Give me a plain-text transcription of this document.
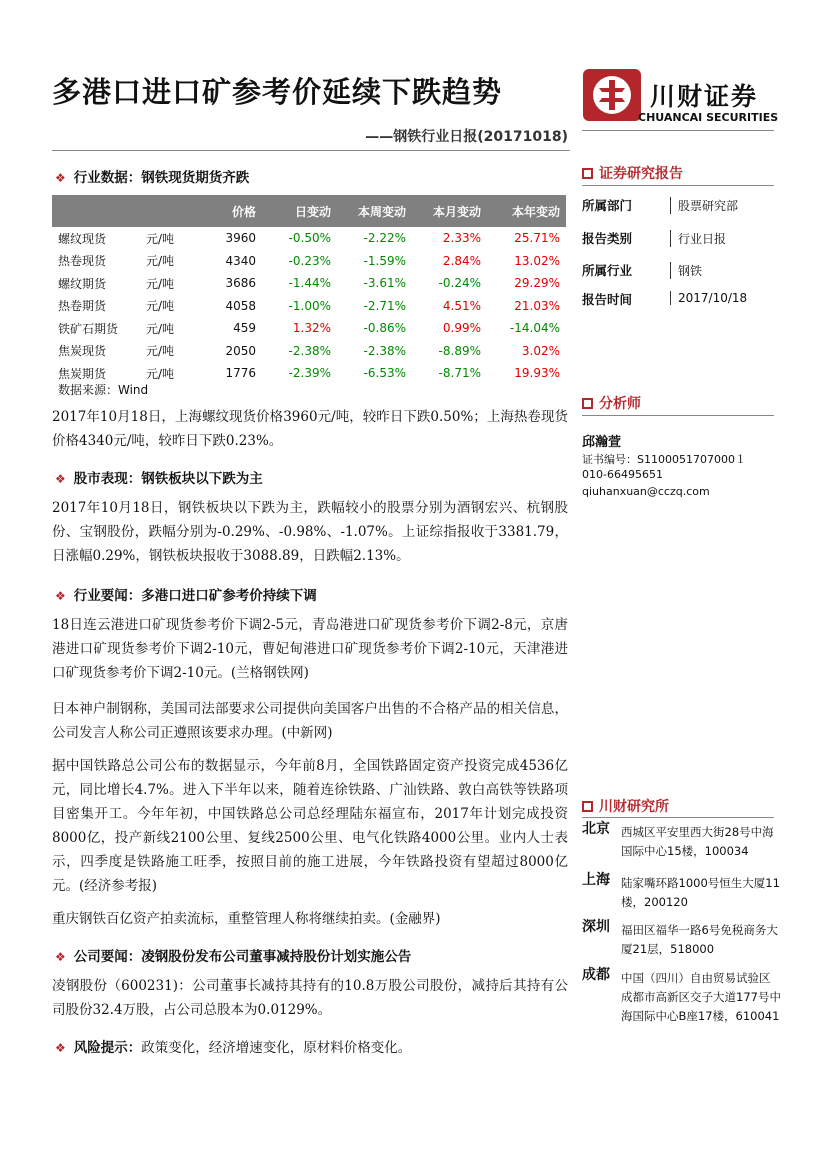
多港口进口矿参考价延续下跌趋势	川财证券
CHUANCAI SECURITIES
——钢铁行业日报(20171018)
❖ 行业数据：钢铁现货期货齐跌
		价格	日变动	本周变动	本月变动	本年变动
螺纹现货	元/吨	3960	-0.50%	-2.22%	2.33%	25.71%
热卷现货	元/吨	4340	-0.23%	-1.59%	2.84%	13.02%
螺纹期货	元/吨	3686	-1.44%	-3.61%	-0.24%	29.29%
热卷期货	元/吨	4058	-1.00%	-2.71%	4.51%	21.03%
铁矿石期货	元/吨	459	1.32%	-0.86%	0.99%	-14.04%
焦炭现货	元/吨	2050	-2.38%	-2.38%	-8.89%	3.02%
焦炭期货	元/吨	1776	-2.39%	-6.53%	-8.71%	19.93%
数据来源：Wind
2017年10月18日，上海螺纹现货价格3960元/吨，较昨日下跌0.50%；上海热卷现货价格4340元/吨，较昨日下跌0.23%。
❖ 股市表现：钢铁板块以下跌为主
2017年10月18日，钢铁板块以下跌为主，跌幅较小的股票分别为酒钢宏兴、杭钢股份、宝钢股份，跌幅分别为-0.29%、-0.98%、-1.07%。上证综指报收于3381.79，日涨幅0.29%，钢铁板块报收于3088.89，日跌幅2.13%。
❖ 行业要闻：多港口进口矿参考价持续下调
18日连云港进口矿现货参考价下调2-5元，青岛港进口矿现货参考价下调2-8元，京唐港进口矿现货参考价下调2-10元，曹妃甸港进口矿现货参考价下调2-10元，天津港进口矿现货参考价下调2-10元。(兰格钢铁网)
日本神户制钢称，美国司法部要求公司提供向美国客户出售的不合格产品的相关信息，公司发言人称公司正遵照该要求办理。(中新网)
据中国铁路总公司公布的数据显示，今年前8月，全国铁路固定资产投资完成4536亿元，同比增长4.7%。进入下半年以来，随着连徐铁路、广汕铁路、敦白高铁等铁路项目密集开工。今年年初，中国铁路总公司总经理陆东福宣布，2017年计划完成投资8000亿，投产新线2100公里、复线2500公里、电气化铁路4000公里。业内人士表示，四季度是铁路施工旺季，按照目前的施工进展，今年铁路投资有望超过8000亿元。(经济参考报)
重庆钢铁百亿资产拍卖流标，重整管理人称将继续拍卖。(金融界)
❖ 公司要闻：凌钢股份发布公司董事减持股份计划实施公告
凌钢股份（600231)：公司董事长减持其持有的10.8万股公司股份，减持后其持有公司股份32.4万股，占公司总股本为0.0129%。
❖ 风险提示：政策变化，经济增速变化，原材料价格变化。
证券研究报告
所属部门	股票研究部
报告类别	行业日报
所属行业	钢铁
报告时间	2017/10/18
分析师
邱瀚萱
证书编号：S1100051707000１
010-66495651
qiuhanxuan@cczq.com
川财研究所
北京 西城区平安里西大街28号中海国际中心15楼，100034
上海 陆家嘴环路1000号恒生大厦11楼，200120
深圳 福田区福华一路6号免税商务大厦21层，518000
成都 中国（四川）自由贸易试验区成都市高新区交子大道177号中海国际中心B座17楼，610041
